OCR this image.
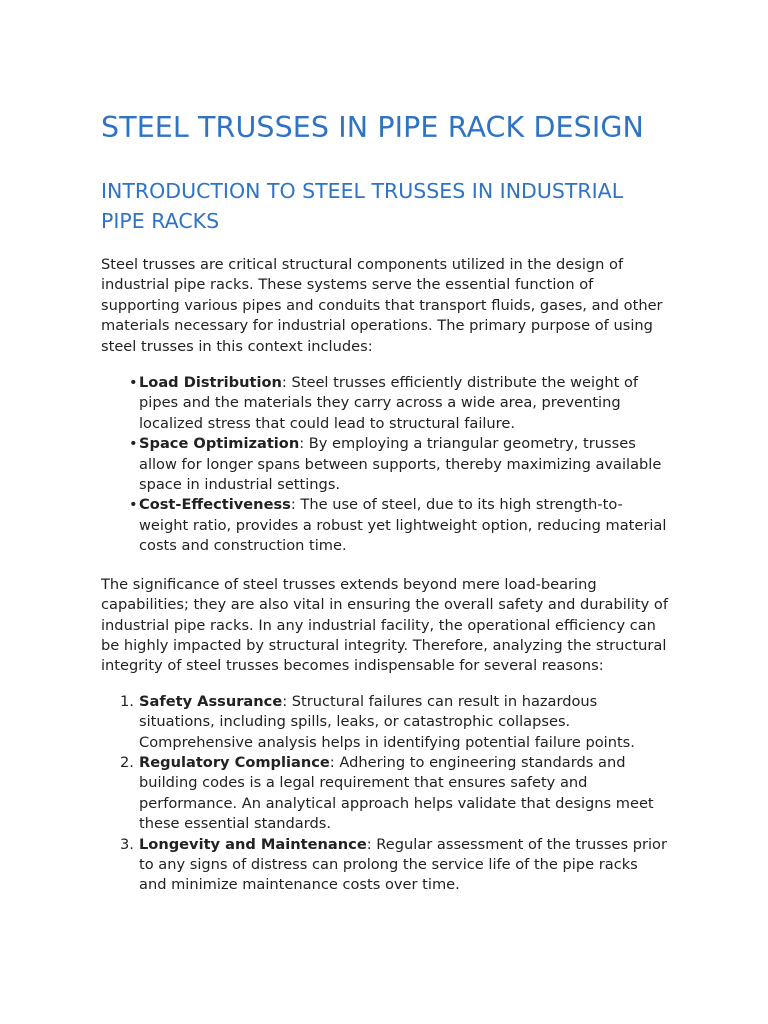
STEEL TRUSSES IN PIPE RACK DESIGN
INTRODUCTION TO STEEL TRUSSES IN INDUSTRIAL PIPE RACKS

Steel trusses are critical structural components utilized in the design of industrial pipe racks. These systems serve the essential function of supporting various pipes and conduits that transport fluids, gases, and other materials necessary for industrial operations. The primary purpose of using steel trusses in this context includes:

• Load Distribution: Steel trusses efficiently distribute the weight of pipes and the materials they carry across a wide area, preventing localized stress that could lead to structural failure.
• Space Optimization: By employing a triangular geometry, trusses allow for longer spans between supports, thereby maximizing available space in industrial settings.
• Cost-Effectiveness: The use of steel, due to its high strength-to-weight ratio, provides a robust yet lightweight option, reducing material costs and construction time.

The significance of steel trusses extends beyond mere load-bearing capabilities; they are also vital in ensuring the overall safety and durability of industrial pipe racks. In any industrial facility, the operational efficiency can be highly impacted by structural integrity. Therefore, analyzing the structural integrity of steel trusses becomes indispensable for several reasons:

1. Safety Assurance: Structural failures can result in hazardous situations, including spills, leaks, or catastrophic collapses. Comprehensive analysis helps in identifying potential failure points.
2. Regulatory Compliance: Adhering to engineering standards and building codes is a legal requirement that ensures safety and performance. An analytical approach helps validate that designs meet these essential standards.
3. Longevity and Maintenance: Regular assessment of the trusses prior to any signs of distress can prolong the service life of the pipe racks and minimize maintenance costs over time.
